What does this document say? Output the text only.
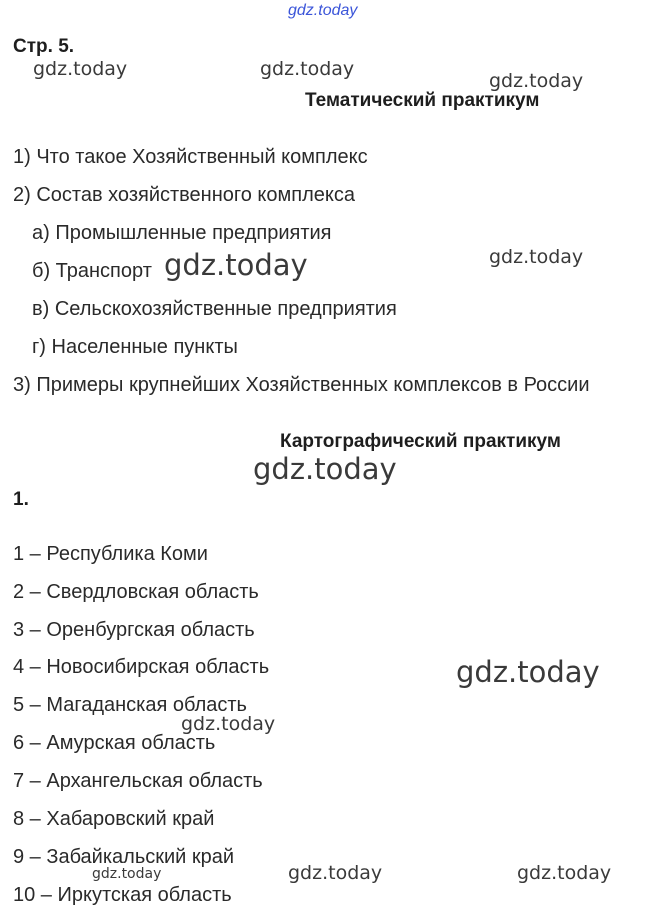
gdz.today
Стр. 5.
Тематический практикум
1) Что такое Хозяйственный комплекс
2) Состав хозяйственного комплекса
а) Промышленные предприятия
б) Транспорт
в) Сельскохозяйственные предприятия
г) Населенные пункты
3) Примеры крупнейших Хозяйственных комплексов в России
Картографический практикум
1.
1 – Республика Коми
2 – Свердловская область
3 – Оренбургская область
4 – Новосибирская область
5 – Магаданская область
6 – Амурская область
7 – Архангельская область
8 – Хабаровский край
9 – Забайкальский край
10 – Иркутская область
gdz.today	gdz.today
gdz.today
gdz.today	gdz.today
gdz.today
gdz.today
gdz.today
gdz.today	gdz.today
gdz.today
